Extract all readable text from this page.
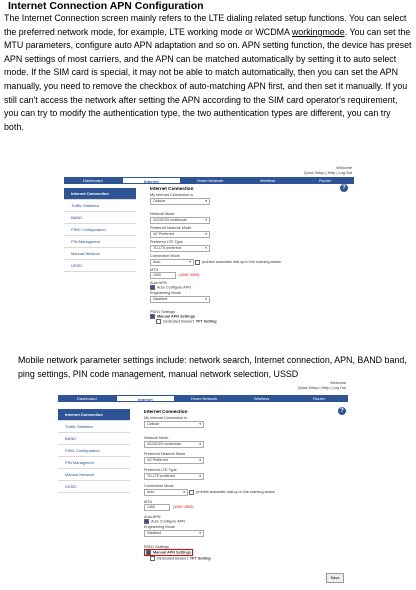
Internet Connection APN Configuration
The Internet Connection screen mainly refers to the LTE dialing related setup functions. You can select the preferred network mode, for example, LTE working mode or WCDMA workingmode. You can set the MTU parameters, configure auto APN adaptation and so on. APN setting function, the device has preset APN settings of most carriers, and the APN can be matched automatically by setting it to auto select mode. If the SIM card is special, it may not be able to match automatically, then you can set the APN manually, you need to remove the checkbox of auto-matching APN first, and then set it manually. If you still can't access the network after setting the APN according to the SIM card operator's requirement, you can try to modify the authentication type, the two authentication types are different, you can try both.
Welcome
Quick Setup | Help | Log Out
Dashboard	Internet	Home Network	Wireless	Router
Internet Connection
Traffic Statistics
BAND
PING Configuration
PIN Managment
Manual Network
USSD
?
Internet Connection
My Internet Connection is
Cellular ▾
Network Mode
4G/3G/2G multimode ▾
Preferred Network Mode
4G Preferred ▾
Preferred LTE Type
TD-LTE preferred ▾
Connection Mode
Auto ▾	prohibit automatic dial-up in the roaming status
MTU
1400	(1000~1500)
Auto APN
Auto Configure APN
Engineering Mode
Disabled ▾
PDN1 Settings
Manual APN Settings
Dedicated Bearer1 TFT Setting
Mobile network parameter settings include: network search, Internet connection, APN, BAND band, ping settings, PIN code management, manual network selection, USSD
Welcome
Quick Setup | Help | Log Out
Dashboard	Internet	Home Network	Wireless	Router
Internet Connection
Traffic Statistics
BAND
PING Configuration
PIN Managment
Manual Network
USSD
?
Internet Connection
My Internet Connection is
Cellular ▾
Network Mode
4G/3G/2G multimode ▾
Preferred Network Mode
4G Preferred ▾
Preferred LTE Type
TD-LTE preferred ▾
Connection Mode
Auto ▾	prohibit automatic dial-up in the roaming status
MTU
1400	(1000~1500)
Auto APN
Auto Configure APN
Engineering Mode
Disabled ▾
PDN1 Settings
Manual APN Settings
Dedicated Bearer1 TFT Setting
Save
